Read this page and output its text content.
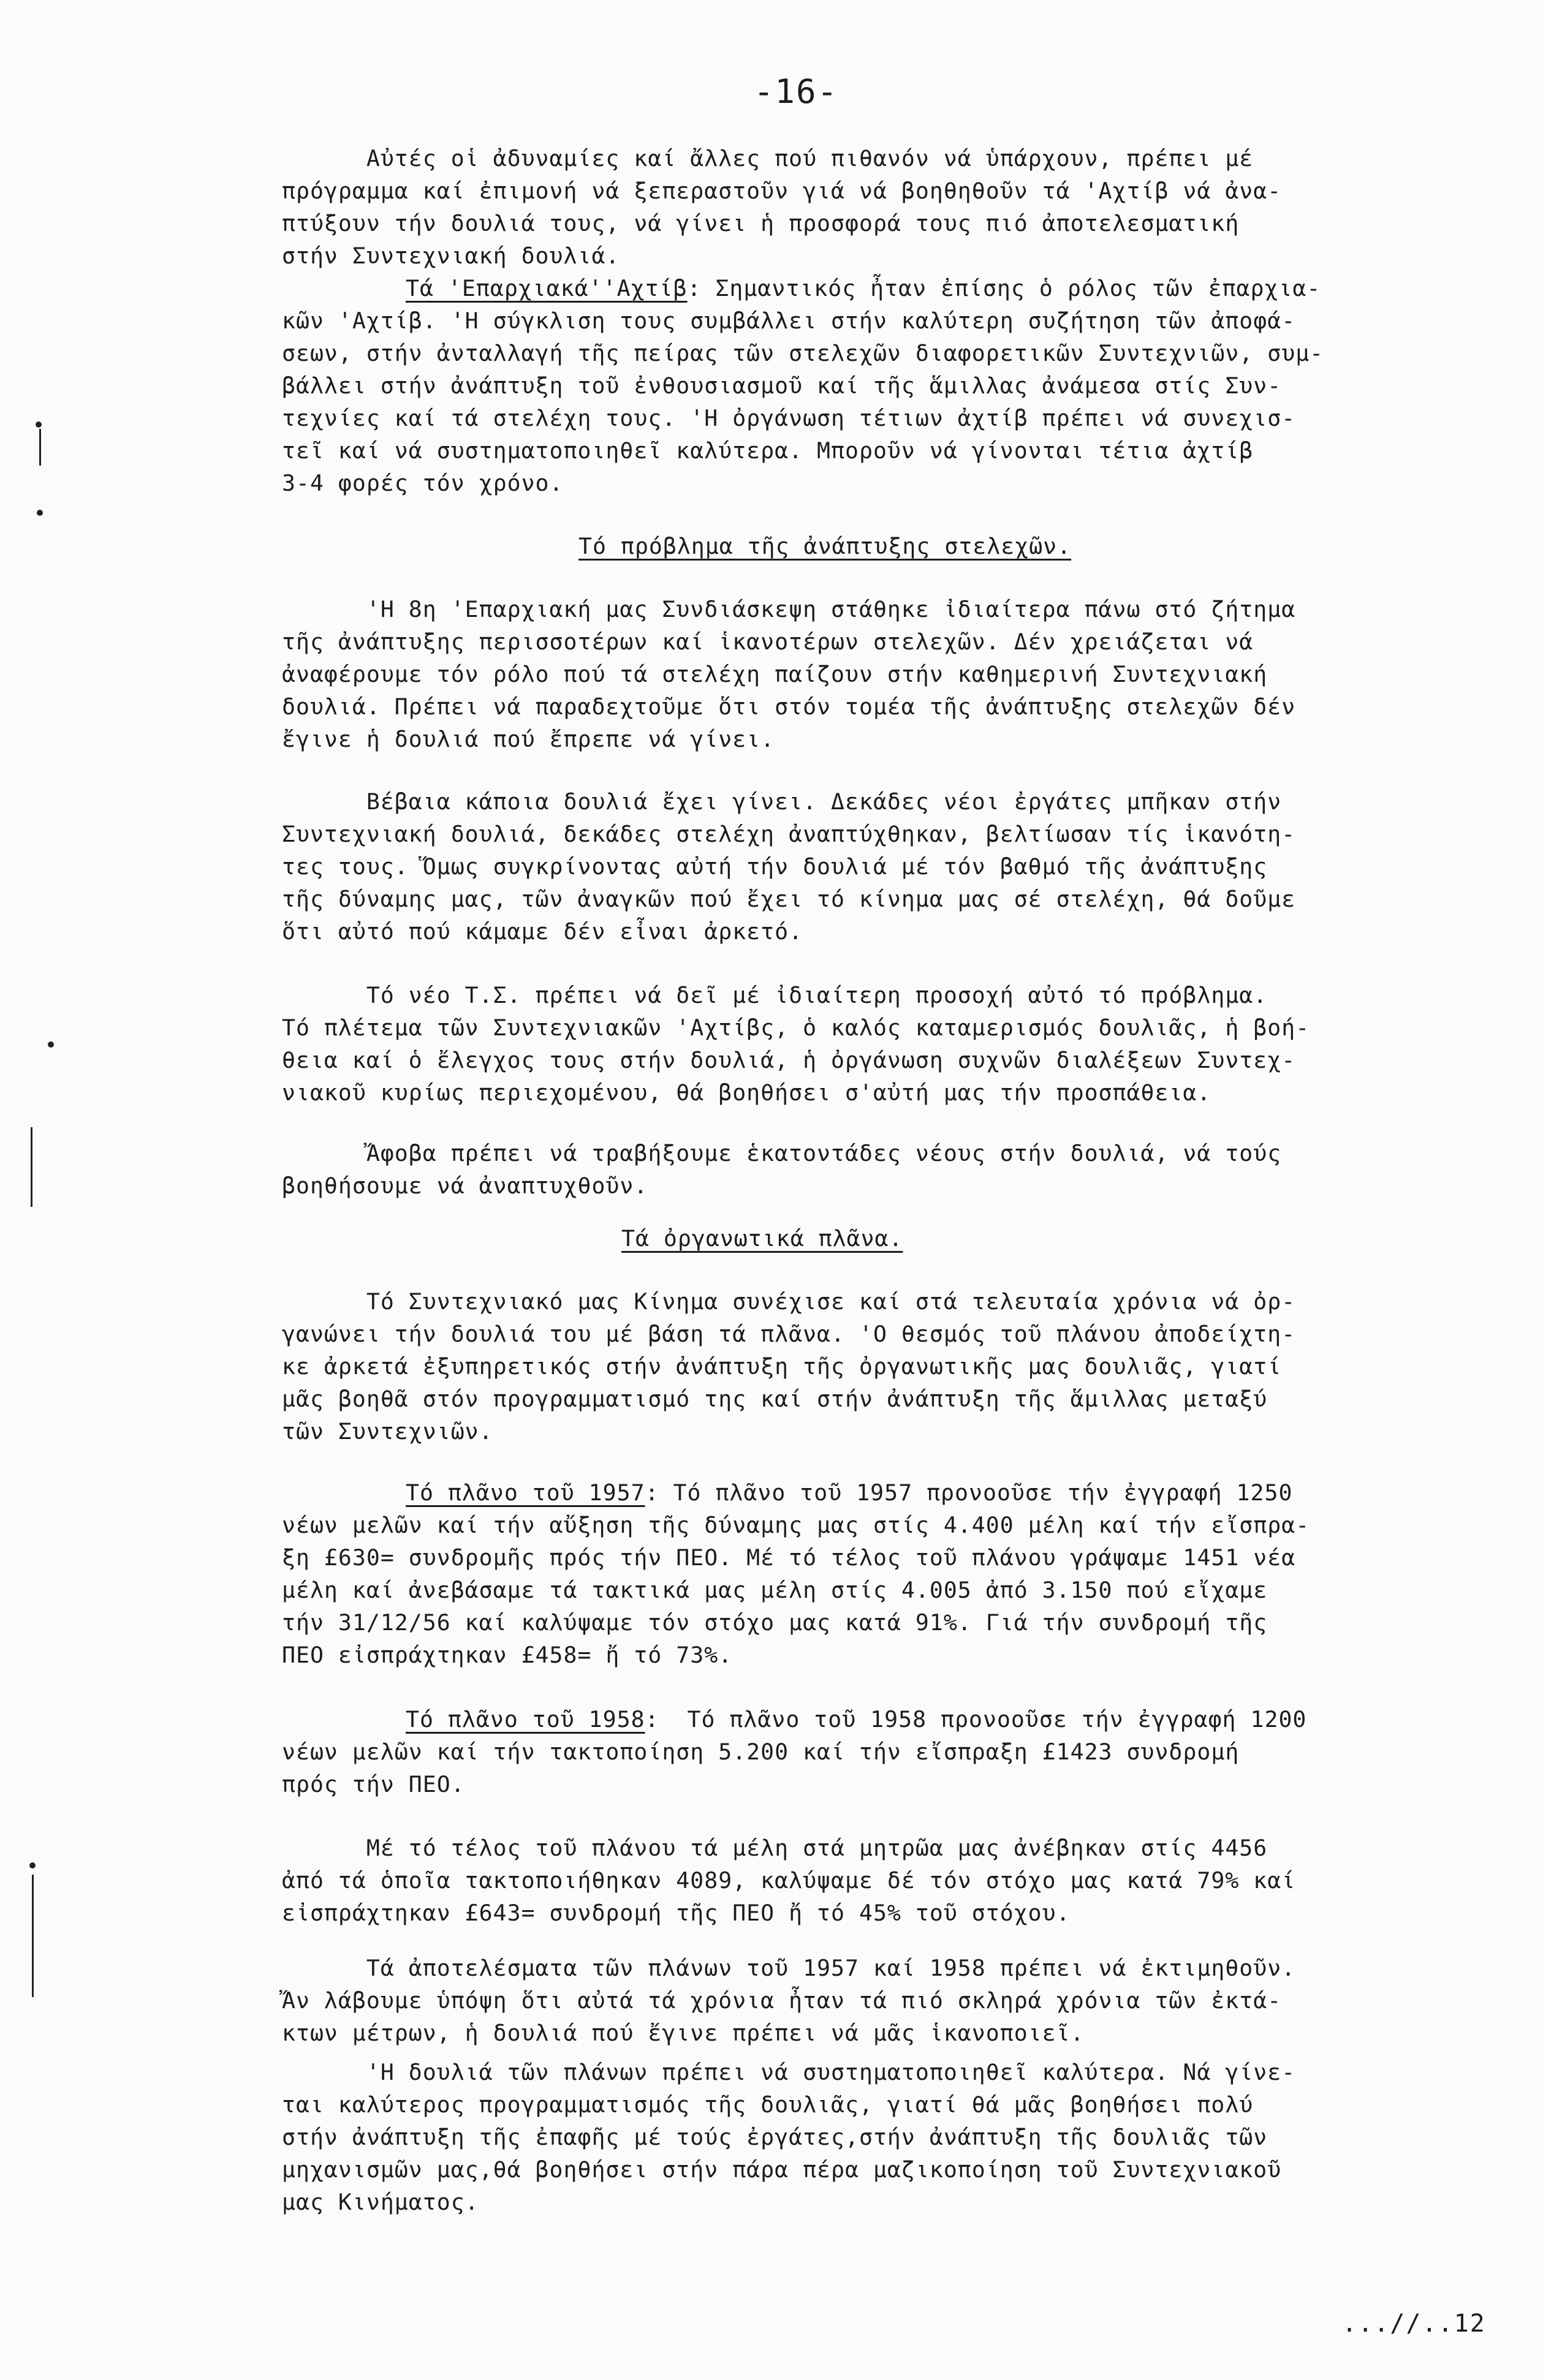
-16-
Αὐτές οἱ ἀδυναμίες καί ἄλλες πού πιθανόν νά ὑπάρχουν, πρέπει μέ
πρόγραμμα καί ἐπιμονή νά ξεπεραστοῦν γιά νά βοηθηθοῦν τά 'Αχτίβ νά ἀνα-
πτύξουν τήν δουλιά τους, νά γίνει ἡ προσφορά τους πιό ἀποτελεσματική
στήν Συντεχνιακή δουλιά.
Τά 'Επαρχιακά''Αχτίβ: Σημαντικός ἦταν ἐπίσης ὁ ρόλος τῶν ἐπαρχια-
κῶν 'Αχτίβ. 'Η σύγκλιση τους συμβάλλει στήν καλύτερη συζήτηση τῶν ἀποφά-
σεων, στήν ἀνταλλαγή τῆς πείρας τῶν στελεχῶν διαφορετικῶν Συντεχνιῶν, συμ-
βάλλει στήν ἀνάπτυξη τοῦ ἐνθουσιασμοῦ καί τῆς ἅμιλλας ἀνάμεσα στίς Συν-
τεχνίες καί τά στελέχη τους. 'Η ὀργάνωση τέτιων ἀχτίβ πρέπει νά συνεχισ-
τεῖ καί νά συστηματοποιηθεῖ καλύτερα. Μποροῦν νά γίνονται τέτια ἀχτίβ
3-4 φορές τόν χρόνο.
Τό πρόβλημα τῆς ἀνάπτυξης στελεχῶν.
'Η 8η 'Επαρχιακή μας Συνδιάσκεψη στάθηκε ἰδιαίτερα πάνω στό ζήτημα
τῆς ἀνάπτυξης περισσοτέρων καί ἱκανοτέρων στελεχῶν. Δέν χρειάζεται νά
ἀναφέρουμε τόν ρόλο πού τά στελέχη παίζουν στήν καθημερινή Συντεχνιακή
δουλιά. Πρέπει νά παραδεχτοῦμε ὅτι στόν τομέα τῆς ἀνάπτυξης στελεχῶν δέν
ἔγινε ἡ δουλιά πού ἔπρεπε νά γίνει.
Βέβαια κάποια δουλιά ἔχει γίνει. Δεκάδες νέοι ἐργάτες μπῆκαν στήν
Συντεχνιακή δουλιά, δεκάδες στελέχη ἀναπτύχθηκαν, βελτίωσαν τίς ἱκανότη-
τες τους. Ὅμως συγκρίνοντας αὐτή τήν δουλιά μέ τόν βαθμό τῆς ἀνάπτυξης
τῆς δύναμης μας, τῶν ἀναγκῶν πού ἔχει τό κίνημα μας σέ στελέχη, θά δοῦμε
ὅτι αὐτό πού κάμαμε δέν εἶναι ἀρκετό.
Τό νέο Τ.Σ. πρέπει νά δεῖ μέ ἰδιαίτερη προσοχή αὐτό τό πρόβλημα.
Τό πλέτεμα τῶν Συντεχνιακῶν 'Αχτίβς, ὁ καλός καταμερισμός δουλιᾶς, ἡ βοή-
θεια καί ὁ ἔλεγχος τους στήν δουλιά, ἡ ὀργάνωση συχνῶν διαλέξεων Συντεχ-
νιακοῦ κυρίως περιεχομένου, θά βοηθήσει σ'αὐτή μας τήν προσπάθεια.
Ἄφοβα πρέπει νά τραβήξουμε ἑκατοντάδες νέους στήν δουλιά, νά τούς
βοηθήσουμε νά ἀναπτυχθοῦν.
Τά ὀργανωτικά πλᾶνα.
Τό Συντεχνιακό μας Κίνημα συνέχισε καί στά τελευταία χρόνια νά ὀρ-
γανώνει τήν δουλιά του μέ βάση τά πλᾶνα. 'Ο θεσμός τοῦ πλάνου ἀποδείχτη-
κε ἀρκετά ἐξυπηρετικός στήν ἀνάπτυξη τῆς ὀργανωτικῆς μας δουλιᾶς, γιατί
μᾶς βοηθᾶ στόν προγραμματισμό της καί στήν ἀνάπτυξη τῆς ἅμιλλας μεταξύ
τῶν Συντεχνιῶν.
Τό πλᾶνο τοῦ 1957: Τό πλᾶνο τοῦ 1957 προνοοῦσε τήν ἐγγραφή 1250
νέων μελῶν καί τήν αὔξηση τῆς δύναμης μας στίς 4.400 μέλη καί τήν εἴσπρα-
ξη £630= συνδρομῆς πρός τήν ΠΕΟ. Μέ τό τέλος τοῦ πλάνου γράψαμε 1451 νέα
μέλη καί ἀνεβάσαμε τά τακτικά μας μέλη στίς 4.005 ἀπό 3.150 πού εἴχαμε
τήν 31/12/56 καί καλύψαμε τόν στόχο μας κατά 91%. Γιά τήν συνδρομή τῆς
ΠΕΟ εἰσπράχτηκαν £458= ἤ τό 73%.
Τό πλᾶνο τοῦ 1958:  Τό πλᾶνο τοῦ 1958 προνοοῦσε τήν ἐγγραφή 1200
νέων μελῶν καί τήν τακτοποίηση 5.200 καί τήν εἴσπραξη £1423 συνδρομή
πρός τήν ΠΕΟ.
Μέ τό τέλος τοῦ πλάνου τά μέλη στά μητρῶα μας ἀνέβηκαν στίς 4456
ἀπό τά ὁποῖα τακτοποιήθηκαν 4089, καλύψαμε δέ τόν στόχο μας κατά 79% καί
εἰσπράχτηκαν £643= συνδρομή τῆς ΠΕΟ ἤ τό 45% τοῦ στόχου.
Τά ἀποτελέσματα τῶν πλάνων τοῦ 1957 καί 1958 πρέπει νά ἐκτιμηθοῦν.
Ἄν λάβουμε ὑπόψη ὅτι αὐτά τά χρόνια ἦταν τά πιό σκληρά χρόνια τῶν ἐκτά-
κτων μέτρων, ἡ δουλιά πού ἔγινε πρέπει νά μᾶς ἱκανοποιεῖ.
'Η δουλιά τῶν πλάνων πρέπει νά συστηματοποιηθεῖ καλύτερα. Νά γίνε-
ται καλύτερος προγραμματισμός τῆς δουλιᾶς, γιατί θά μᾶς βοηθήσει πολύ
στήν ἀνάπτυξη τῆς ἐπαφῆς μέ τούς ἐργάτες,στήν ἀνάπτυξη τῆς δουλιᾶς τῶν
μηχανισμῶν μας,θά βοηθήσει στήν πάρα πέρα μαζικοποίηση τοῦ Συντεχνιακοῦ
μας Κινήματος.
...//..12
